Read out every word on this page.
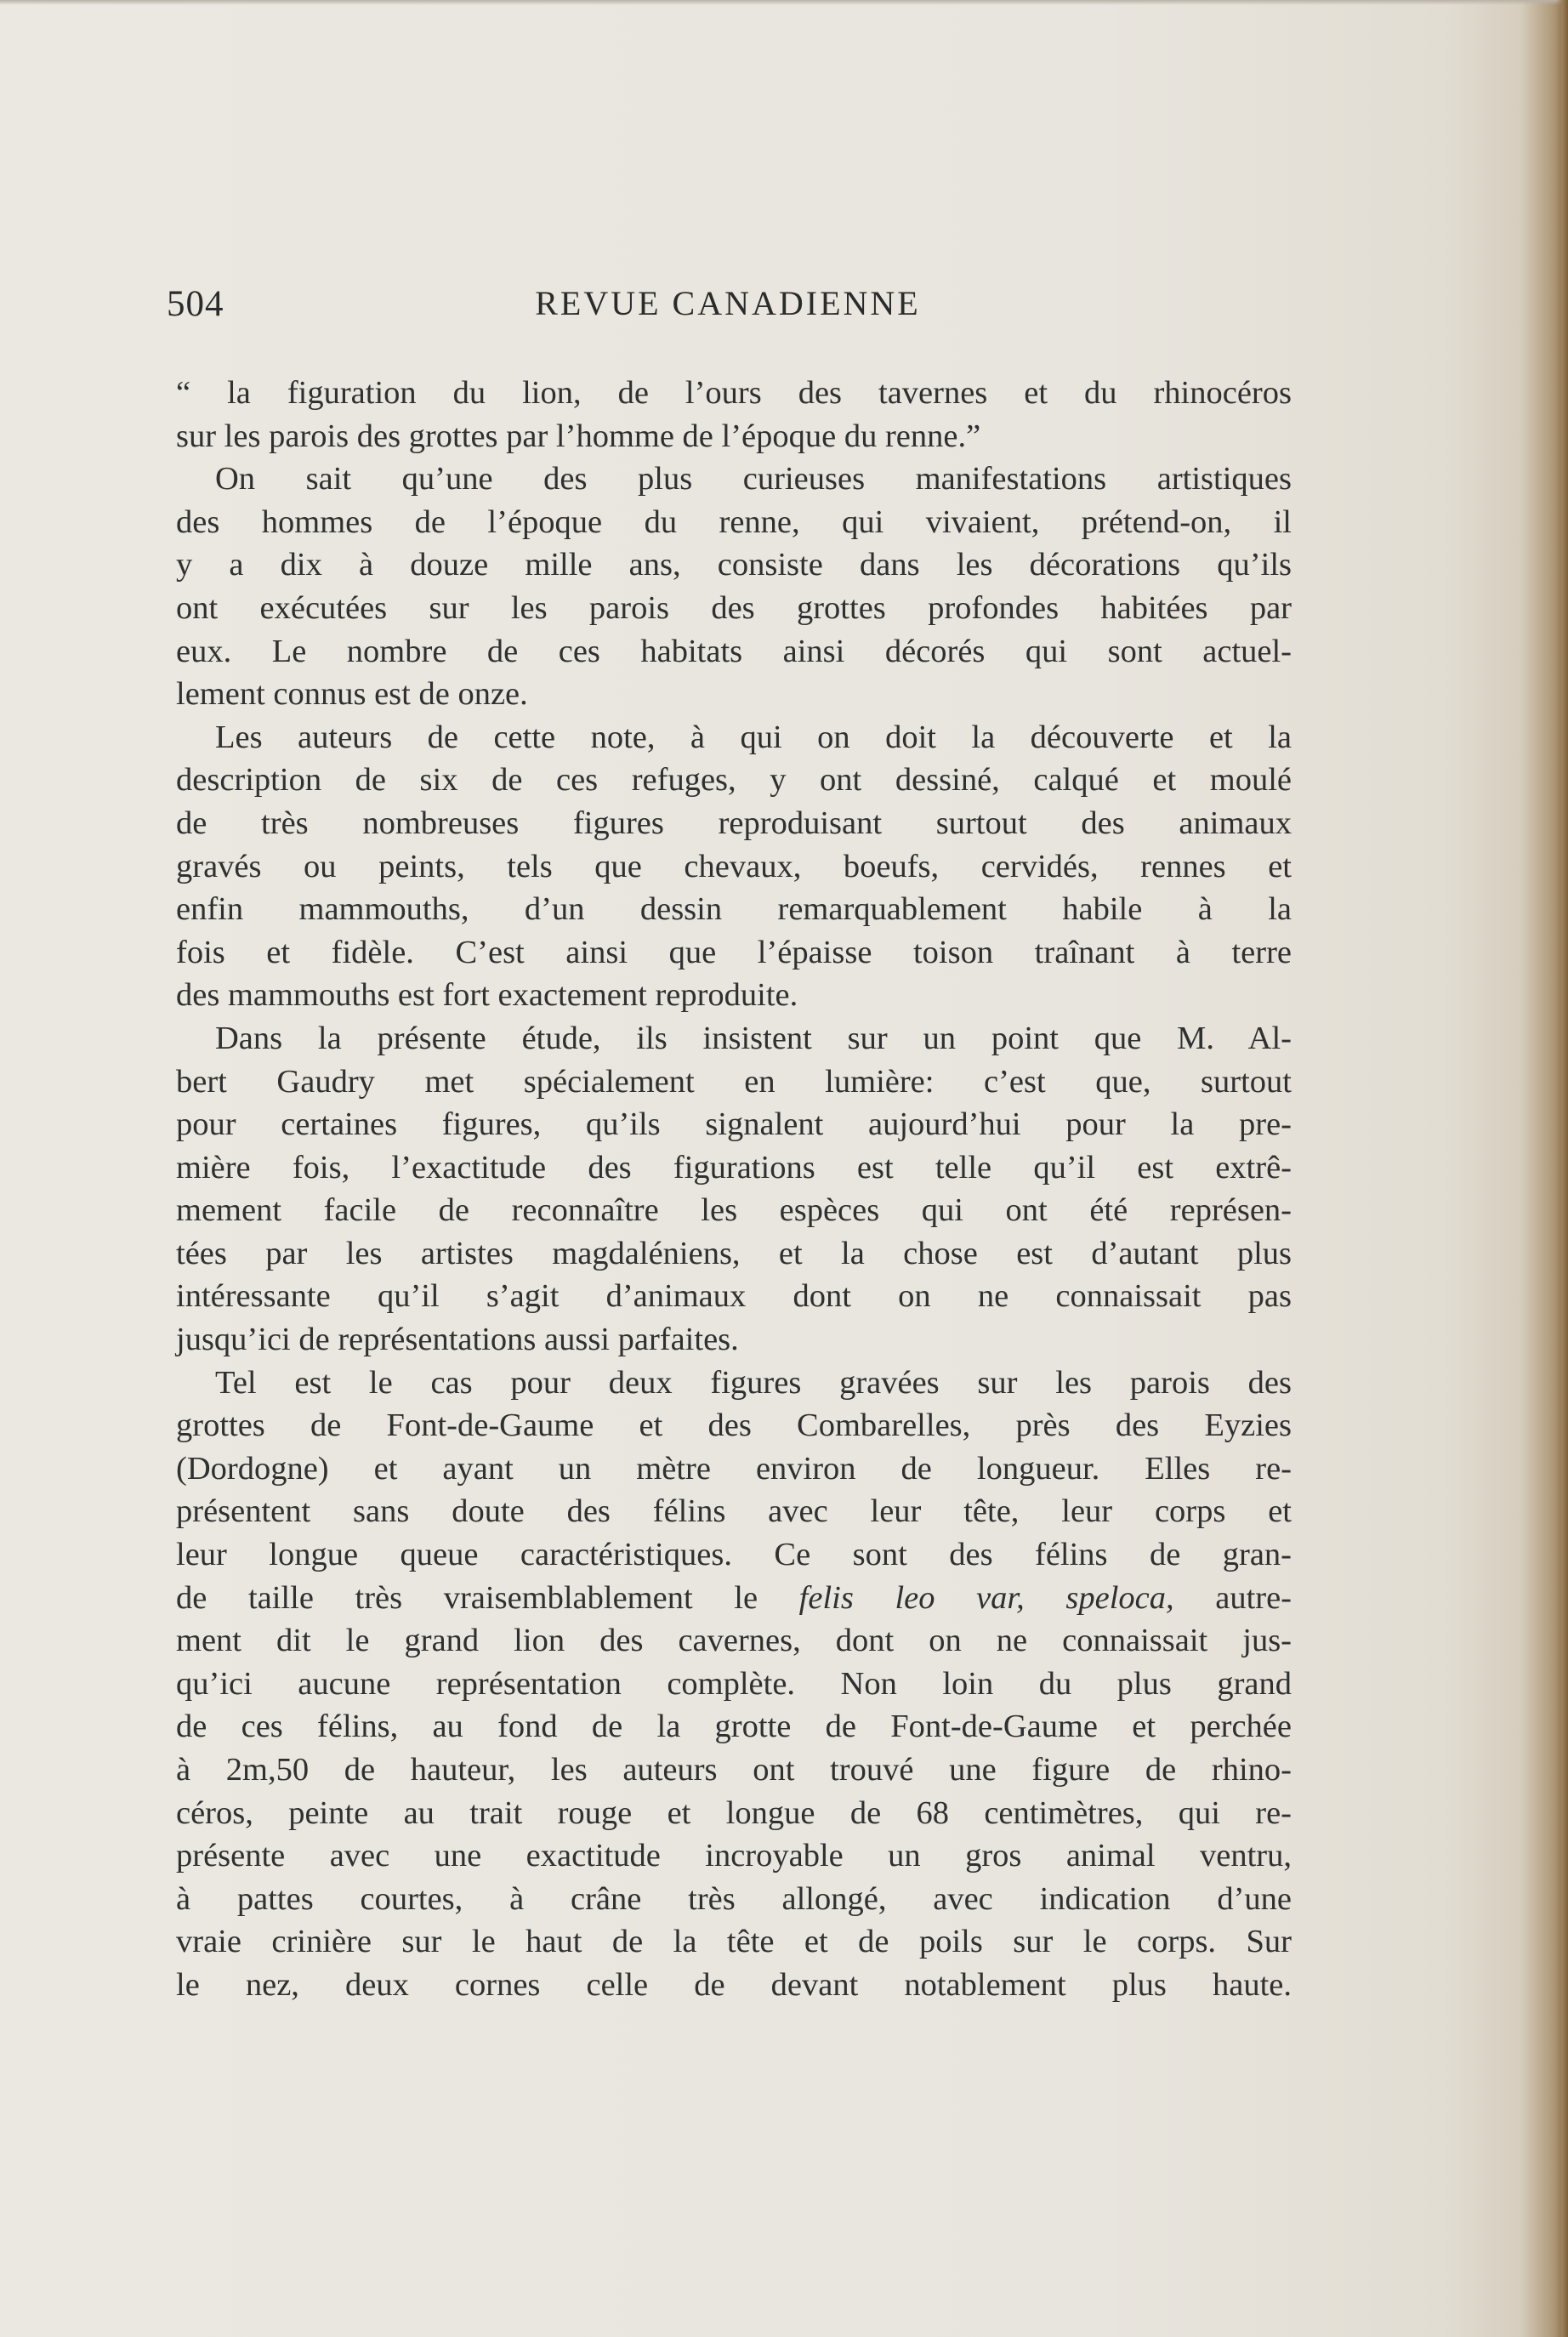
504	REVUE CANADIENNE

“ la figuration du lion, de l’ours des tavernes et du rhinocéros
sur les parois des grottes par l’homme de l’époque du renne.”

On sait qu’une des plus curieuses manifestations artistiques
des hommes de l’époque du renne, qui vivaient, prétend-on, il
y a dix à douze mille ans, consiste dans les décorations qu’ils
ont exécutées sur les parois des grottes profondes habitées par
eux. Le nombre de ces habitats ainsi décorés qui sont actuel-
lement connus est de onze.

Les auteurs de cette note, à qui on doit la découverte et la
description de six de ces refuges, y ont dessiné, calqué et moulé
de très nombreuses figures reproduisant surtout des animaux
gravés ou peints, tels que chevaux, boeufs, cervidés, rennes et
enfin mammouths, d’un dessin remarquablement habile à la
fois et fidèle. C’est ainsi que l’épaisse toison traînant à terre
des mammouths est fort exactement reproduite.

Dans la présente étude, ils insistent sur un point que M. Al-
bert Gaudry met spécialement en lumière: c’est que, surtout
pour certaines figures, qu’ils signalent aujourd’hui pour la pre-
mière fois, l’exactitude des figurations est telle qu’il est extrê-
mement facile de reconnaître les espèces qui ont été représen-
tées par les artistes magdaléniens, et la chose est d’autant plus
intéressante qu’il s’agit d’animaux dont on ne connaissait pas
jusqu’ici de représentations aussi parfaites.

Tel est le cas pour deux figures gravées sur les parois des
grottes de Font-de-Gaume et des Combarelles, près des Eyzies
(Dordogne) et ayant un mètre environ de longueur. Elles re-
présentent sans doute des félins avec leur tête, leur corps et
leur longue queue caractéristiques. Ce sont des félins de gran-
de taille très vraisemblablement le felis leo var, speloca, autre-
ment dit le grand lion des cavernes, dont on ne connaissait jus-
qu’ici aucune représentation complète. Non loin du plus grand
de ces félins, au fond de la grotte de Font-de-Gaume et perchée
à 2m,50 de hauteur, les auteurs ont trouvé une figure de rhino-
céros, peinte au trait rouge et longue de 68 centimètres, qui re-
présente avec une exactitude incroyable un gros animal ventru,
à pattes courtes, à crâne très allongé, avec indication d’une
vraie crinière sur le haut de la tête et de poils sur le corps. Sur
le nez, deux cornes celle de devant notablement plus haute.
